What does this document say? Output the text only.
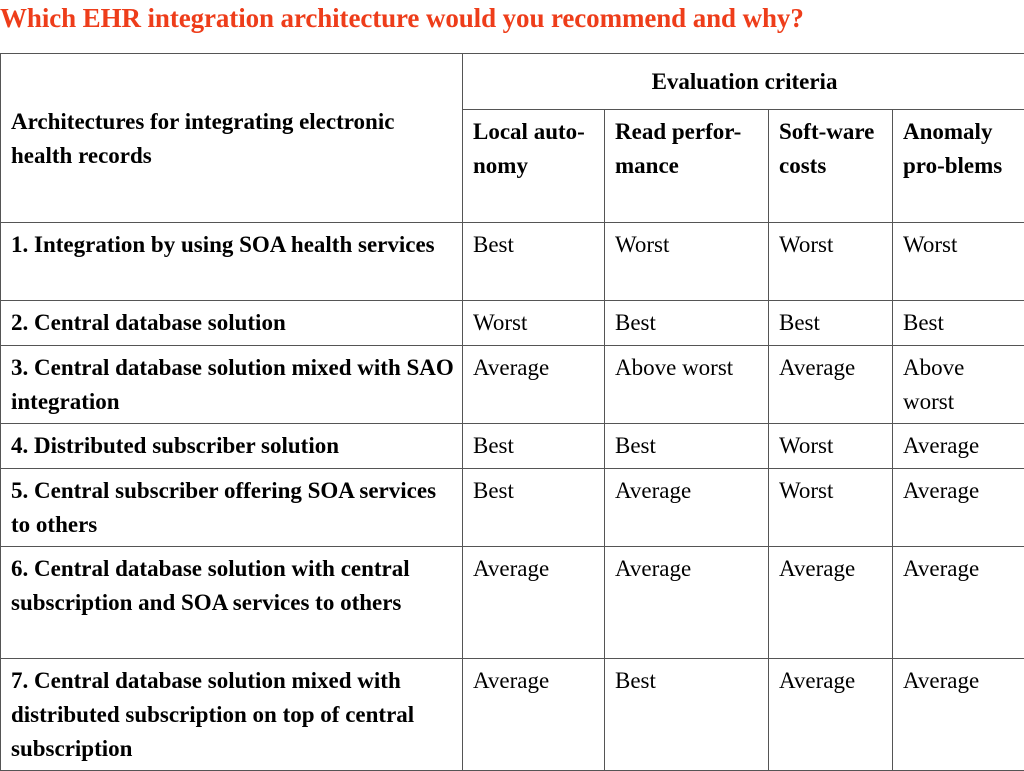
Which EHR integration architecture would you recommend and why?
Architectures for integrating electronic health records	Evaluation criteria			
	Local auto-nomy	Read perfor-mance	Soft-ware costs	Anomaly pro-blems
1. Integration by using SOA health services	Best	Worst	Worst	Worst
2. Central database solution	Worst	Best	Best	Best
3. Central database solution mixed with SAO integration	Average	Above worst	Average	Above worst
4. Distributed subscriber solution	Best	Best	Worst	Average
5. Central subscriber offering SOA services to others	Best	Average	Worst	Average
6. Central database solution with central subscription and SOA services to others	Average	Average	Average	Average
7. Central database solution mixed with distributed subscription on top of central subscription	Average	Best	Average	Average
